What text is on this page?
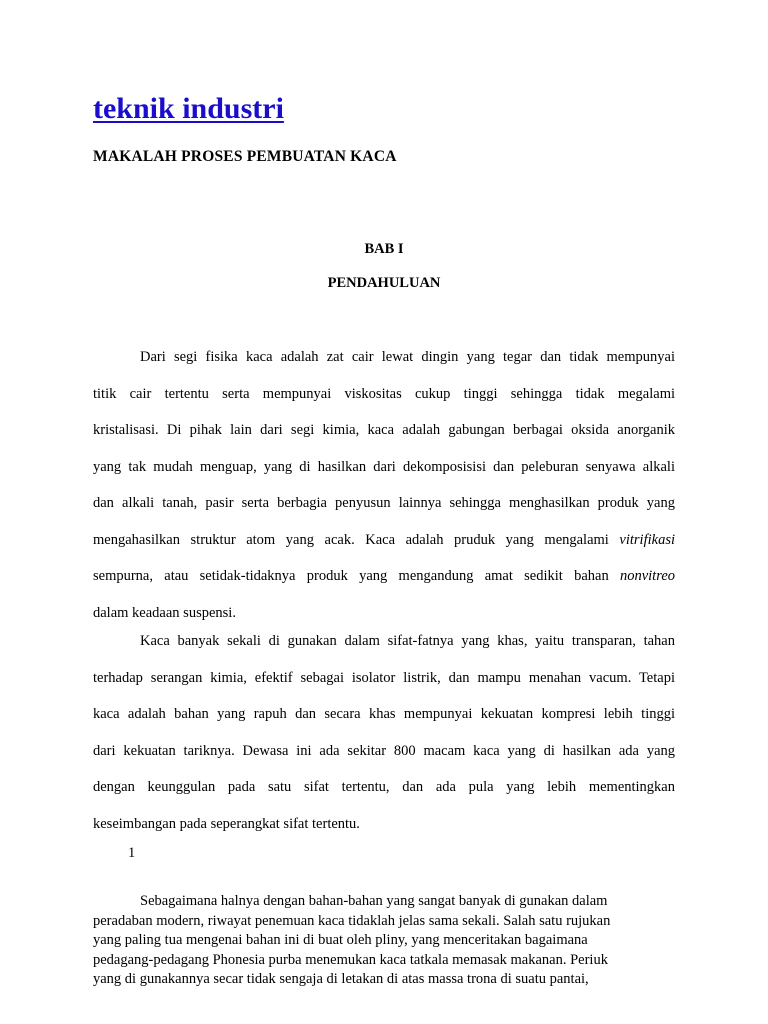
teknik industri
MAKALAH PROSES PEMBUATAN KACA
BAB I
PENDAHULUAN
Dari segi fisika kaca adalah zat cair lewat dingin yang tegar dan tidak mempunyai
titik cair tertentu serta mempunyai viskositas cukup tinggi sehingga tidak megalami
kristalisasi. Di pihak lain dari segi kimia, kaca adalah gabungan berbagai oksida anorganik
yang tak mudah menguap, yang di hasilkan dari dekomposisisi dan peleburan senyawa alkali
dan alkali tanah, pasir serta berbagia penyusun lainnya sehingga menghasilkan produk yang
mengahasilkan struktur atom yang acak. Kaca adalah pruduk yang mengalami vitrifikasi
sempurna, atau setidak-tidaknya produk yang mengandung amat sedikit bahan nonvitreo
dalam keadaan suspensi.
Kaca banyak sekali di gunakan dalam sifat-fatnya yang khas, yaitu transparan, tahan
terhadap serangan kimia, efektif sebagai isolator listrik, dan mampu menahan vacum. Tetapi
kaca adalah bahan yang rapuh dan secara khas mempunyai kekuatan kompresi lebih tinggi
dari kekuatan tariknya. Dewasa ini ada sekitar 800 macam kaca yang di hasilkan ada yang
dengan keunggulan pada satu sifat tertentu, dan ada pula yang lebih mementingkan
keseimbangan pada seperangkat sifat tertentu.
1
Sebagaimana halnya dengan bahan-bahan yang sangat banyak di gunakan dalam
peradaban modern, riwayat penemuan kaca tidaklah jelas sama sekali. Salah satu rujukan
yang paling tua mengenai bahan ini di buat oleh pliny, yang menceritakan bagaimana
pedagang-pedagang Phonesia purba menemukan kaca tatkala memasak makanan. Periuk
yang di gunakannya secar tidak sengaja di letakan di atas massa trona di suatu pantai,
